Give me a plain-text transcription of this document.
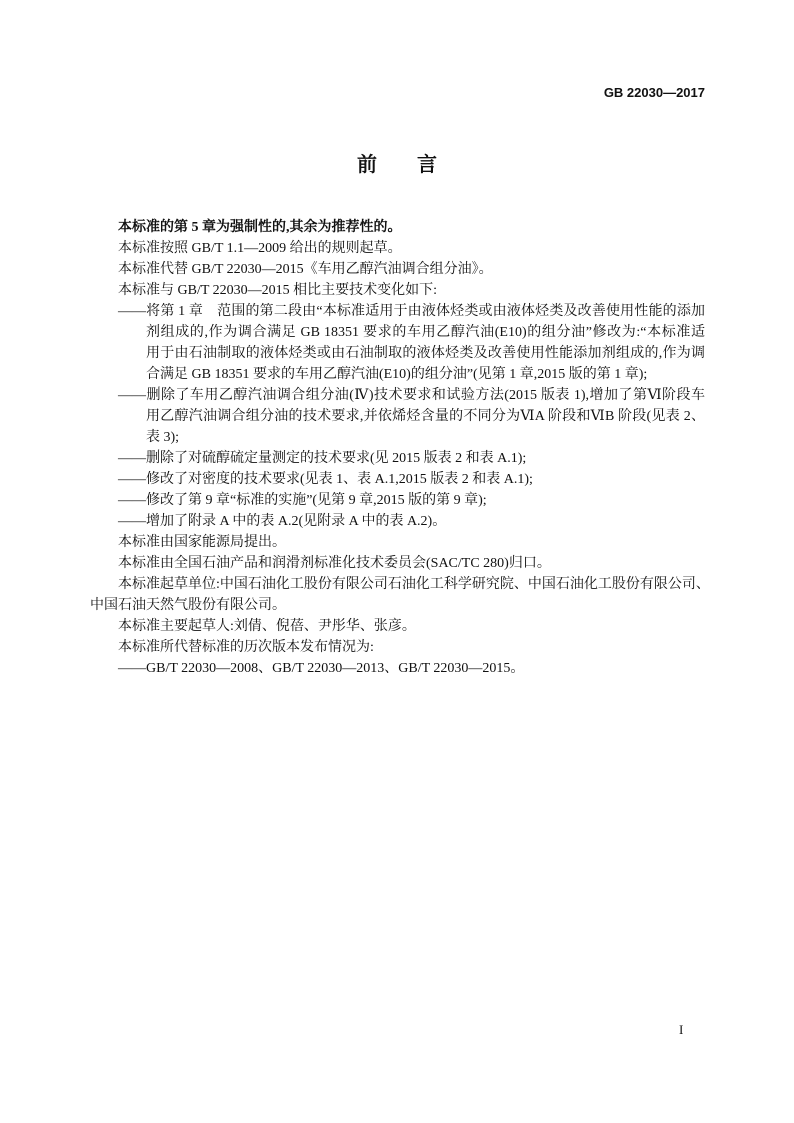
GB 22030—2017
前　言
本标准的第 5 章为强制性的,其余为推荐性的。
本标准按照 GB/T 1.1—2009 给出的规则起草。
本标准代替 GB/T 22030—2015《车用乙醇汽油调合组分油》。
本标准与 GB/T 22030—2015 相比主要技术变化如下:
——将第 1 章　范围的第二段由“本标准适用于由液体烃类或由液体烃类及改善使用性能的添加
剂组成的,作为调合满足 GB 18351 要求的车用乙醇汽油(E10)的组分油”修改为:“本标准适
用于由石油制取的液体烃类或由石油制取的液体烃类及改善使用性能添加剂组成的,作为调
合满足 GB 18351 要求的车用乙醇汽油(E10)的组分油”(见第 1 章,2015 版的第 1 章);
——删除了车用乙醇汽油调合组分油(Ⅳ)技术要求和试验方法(2015 版表 1),增加了第Ⅵ阶段车
用乙醇汽油调合组分油的技术要求,并依烯烃含量的不同分为ⅥA 阶段和ⅥB 阶段(见表 2、
表 3);
——删除了对硫醇硫定量测定的技术要求(见 2015 版表 2 和表 A.1);
——修改了对密度的技术要求(见表 1、表 A.1,2015 版表 2 和表 A.1);
——修改了第 9 章“标准的实施”(见第 9 章,2015 版的第 9 章);
——增加了附录 A 中的表 A.2(见附录 A 中的表 A.2)。
本标准由国家能源局提出。
本标准由全国石油产品和润滑剂标准化技术委员会(SAC/TC 280)归口。
本标准起草单位:中国石油化工股份有限公司石油化工科学研究院、中国石油化工股份有限公司、
中国石油天然气股份有限公司。
本标准主要起草人:刘倩、倪蓓、尹彤华、张彦。
本标准所代替标准的历次版本发布情况为:
——GB/T 22030—2008、GB/T 22030—2013、GB/T 22030—2015。
I
